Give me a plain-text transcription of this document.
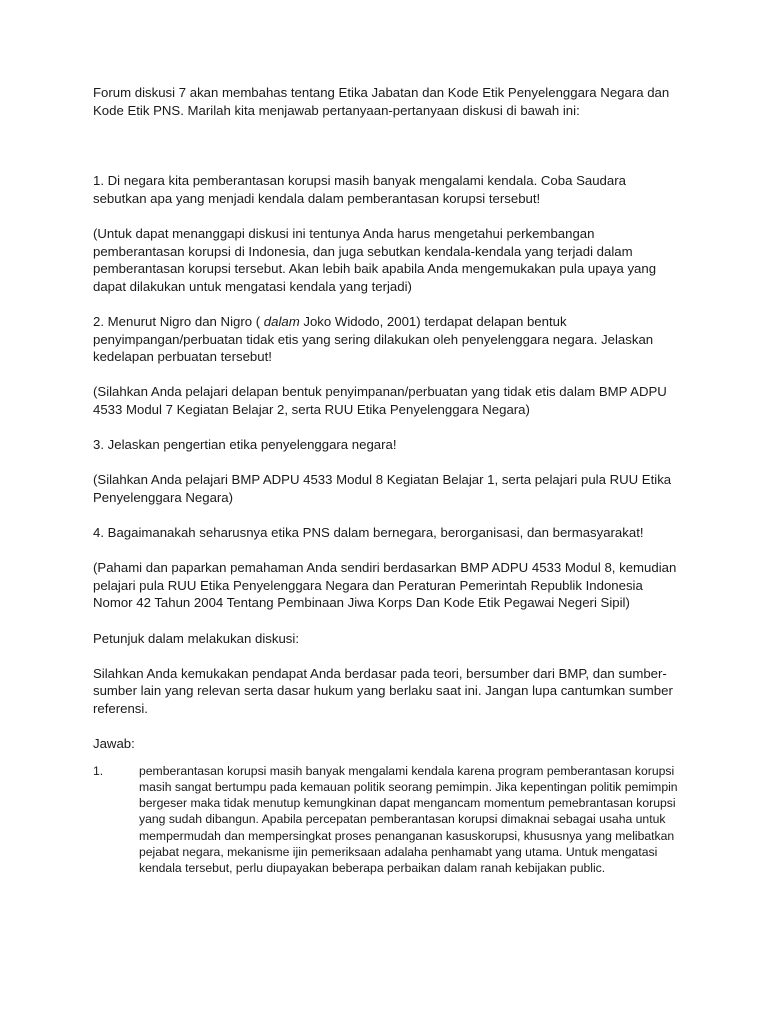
Forum diskusi 7 akan membahas tentang Etika Jabatan dan Kode Etik Penyelenggara Negara dan Kode Etik PNS. Marilah kita menjawab pertanyaan-pertanyaan diskusi di bawah ini:

1. Di negara kita pemberantasan korupsi masih banyak mengalami kendala. Coba Saudara sebutkan apa yang menjadi kendala dalam pemberantasan korupsi tersebut!

(Untuk dapat menanggapi diskusi ini tentunya Anda harus mengetahui perkembangan pemberantasan korupsi di Indonesia, dan juga sebutkan kendala-kendala yang terjadi dalam pemberantasan korupsi tersebut. Akan lebih baik apabila Anda mengemukakan pula upaya yang dapat dilakukan untuk mengatasi kendala yang terjadi)

2. Menurut Nigro dan Nigro ( dalam Joko Widodo, 2001) terdapat delapan bentuk penyimpangan/perbuatan tidak etis yang sering dilakukan oleh penyelenggara negara. Jelaskan kedelapan perbuatan tersebut!

(Silahkan Anda pelajari delapan bentuk penyimpanan/perbuatan yang tidak etis dalam BMP ADPU 4533 Modul 7 Kegiatan Belajar 2, serta RUU Etika Penyelenggara Negara)

3. Jelaskan pengertian etika penyelenggara negara!

(Silahkan Anda pelajari BMP ADPU 4533 Modul 8 Kegiatan Belajar 1, serta pelajari pula RUU Etika Penyelenggara Negara)

4. Bagaimanakah seharusnya etika PNS dalam bernegara, berorganisasi, dan bermasyarakat!

(Pahami dan paparkan pemahaman Anda sendiri berdasarkan BMP ADPU 4533 Modul 8, kemudian pelajari pula RUU Etika Penyelenggara Negara dan Peraturan Pemerintah Republik Indonesia Nomor 42 Tahun 2004 Tentang Pembinaan Jiwa Korps Dan Kode Etik Pegawai Negeri Sipil)

Petunjuk dalam melakukan diskusi:

Silahkan Anda kemukakan pendapat Anda berdasar pada teori, bersumber dari BMP, dan sumber-sumber lain yang relevan serta dasar hukum yang berlaku saat ini. Jangan lupa cantumkan sumber referensi.

Jawab:

1.	pemberantasan korupsi masih banyak mengalami kendala karena program pemberantasan korupsi masih sangat bertumpu pada kemauan politik seorang pemimpin. Jika kepentingan politik pemimpin bergeser maka tidak menutup kemungkinan dapat mengancam momentum pemebrantasan korupsi yang sudah dibangun. Apabila percepatan pemberantasan korupsi dimaknai sebagai usaha untuk mempermudah dan mempersingkat proses penanganan kasuskorupsi, khususnya yang melibatkan pejabat negara, mekanisme ijin pemeriksaan adalaha penhamabt yang utama. Untuk mengatasi kendala tersebut, perlu diupayakan beberapa perbaikan dalam ranah kebijakan public.
